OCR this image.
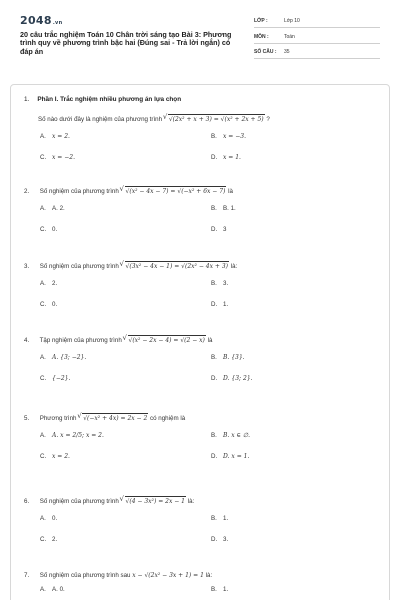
2048.vn
20 câu trắc nghiệm Toán 10 Chân trời sáng tạo Bài 3: Phương trình quy về phương trình bậc hai (Đúng sai - Trả lời ngắn) có đáp án
LỚP :	Lớp 10
MÔN :	Toán
SỐ CÂU : 35
1. Phần I. Trắc nghiệm nhiều phương án lựa chọn
Số nào dưới đây là nghiệm của phương trình √ √(2x² + x + 3) = √(x² + 2x + 5) ?
A. x = 2.	B. x = −3.
C. x = −2.	D. x = 1.
2. Số nghiệm của phương trình √ √(x² − 4x − 7) = √(−x² + 6x − 7) là
A. A. 2.	B. B. 1.
C. 0.	D. 3
3. Số nghiệm của phương trình √ √(3x² − 4x − 1) = √(2x² − 4x + 3) là:
A. 2.	B. 3.
C. 0.	D. 1.
4. Tập nghiệm của phương trình √ √(x² − 2x − 4) = √(2 − x) là
A. A. {3; −2}.	B. B. {3}.
C. {−2}.	D. D. {3; 2}.
5. Phương trình √ √(−x² + 4x) = 2x − 2 có nghiệm là
A. A. x = 2/5; x = 2.	B. B. x ∈ ∅.
C. x = 2.	D. D. x = 1.
6. Số nghiệm của phương trình √ √(4 − 3x²) = 2x − 1 là:
A. 0.	B. 1.
C. 2.	D. 3.
7. Số nghiệm của phương trình sau x − √(2x² − 3x + 1) = 1 là:
A. A. 0.	B. 1.
